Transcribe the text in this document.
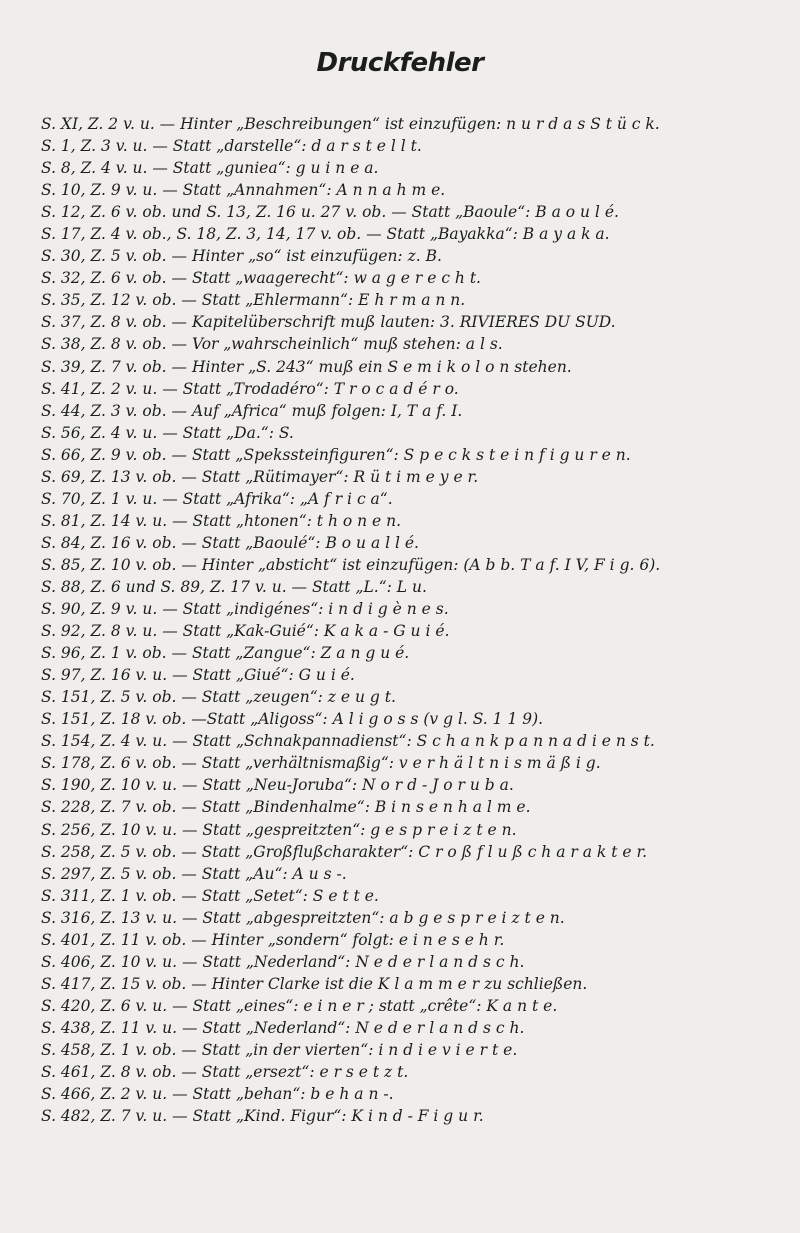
Druckfehler
S. XI, Z. 2 v. u. — Hinter „Beschreibungen“ ist einzufügen: n u r d a s S t ü c k.
S. 1, Z. 3 v. u. — Statt „darstelle“: d a r s t e l l t.
S. 8, Z. 4 v. u. — Statt „gunіеа“: g u i n e a.
S. 10, Z. 9 v. u. — Statt „Annahmen“: A n n a h m e.
S. 12, Z. 6 v. ob. und S. 13, Z. 16 u. 27 v. ob. — Statt „Baoule“: B a o u l é.
S. 17, Z. 4 v. ob., S. 18, Z. 3, 14, 17 v. ob. — Statt „Bayakka“: B a y a k a.
S. 30, Z. 5 v. ob. — Hinter „so“ ist einzufügen: z. B.
S. 32, Z. 6 v. ob. — Statt „waagerecht“: w a g e r e c h t.
S. 35, Z. 12 v. ob. — Statt „Ehlermann“: E h r m a n n.
S. 37, Z. 8 v. ob. — Kapitelüberschrift muß lauten: 3. RIVIERES DU SUD.
S. 38, Z. 8 v. ob. — Vor „wahrscheinlich“ muß stehen: a l s.
S. 39, Z. 7 v. ob. — Hinter „S. 243“ muß ein S e m i k o l o n stehen.
S. 41, Z. 2 v. u. — Statt „Trodadéro“: T r o c a d é r o.
S. 44, Z. 3 v. ob. — Auf „Africa“ muß folgen: I, T a f. I.
S. 56, Z. 4 v. u. — Statt „Da.“: S.
S. 66, Z. 9 v. ob. — Statt „Spekssteinfiguren“: S p e c k s t e i n f i g u r e n.
S. 69, Z. 13 v. ob. — Statt „Rütimayer“: R ü t i m e y e r.
S. 70, Z. 1 v. u. — Statt „Afrika“: „A f r i c a“.
S. 81, Z. 14 v. u. — Statt „htonen“: t h o n e n.
S. 84, Z. 16 v. ob. — Statt „Baoulé“: B o u a l l é.
S. 85, Z. 10 v. ob. — Hinter „absticht“ ist einzufügen: (A b b. T a f. I V, F i g. 6).
S. 88, Z. 6 und S. 89, Z. 17 v. u. — Statt „L.“: L u.
S. 90, Z. 9 v. u. — Statt „indigénes“: i n d i g è n e s.
S. 92, Z. 8 v. u. — Statt „Kak-Guié“: K a k a - G u i é.
S. 96, Z. 1 v. ob. — Statt „Zangue“: Z a n g u é.
S. 97, Z. 16 v. u. — Statt „Giué“: G u i é.
S. 151, Z. 5 v. ob. — Statt „zeugen“: z e u g t.
S. 151, Z. 18 v. ob. —Statt „Aligoss“: A l i g o s s (v g l. S. 1 1 9).
S. 154, Z. 4 v. u. — Statt „Schnakpannadienst“: S c h a n k p a n n a d i e n s t.
S. 178, Z. 6 v. ob. — Statt „verhältnismaßig“: v e r h ä l t n i s m ä ß i g.
S. 190, Z. 10 v. u. — Statt „Neu-Joruba“: N o r d - J o r u b a.
S. 228, Z. 7 v. ob. — Statt „Bindenhalme“: B i n s e n h a l m e.
S. 256, Z. 10 v. u. — Statt „gespreitzten“: g e s p r e i z t e n.
S. 258, Z. 5 v. ob. — Statt „Großflußcharakter“: C r o ß f l u ß c h a r a k t e r.
S. 297, Z. 5 v. ob. — Statt „Au“: A u s -.
S. 311, Z. 1 v. ob. — Statt „Setet“: S e t t e.
S. 316, Z. 13 v. u. — Statt „abgespreitzten“: a b g e s p r e i z t e n.
S. 401, Z. 11 v. ob. — Hinter „sondern“ folgt: e i n e s e h r.
S. 406, Z. 10 v. u. — Statt „Nederland“: N e d e r l a n d s c h.
S. 417, Z. 15 v. ob. — Hinter Clarke ist die K l a m m e r zu schließen.
S. 420, Z. 6 v. u. — Statt „eines“: e i n e r ; statt „crête“: K a n t e.
S. 438, Z. 11 v. u. — Statt „Nederland“: N e d e r l a n d s c h.
S. 458, Z. 1 v. ob. — Statt „in der vierten“: i n d i e v i e r t e.
S. 461, Z. 8 v. ob. — Statt „ersezt“: e r s e t z t.
S. 466, Z. 2 v. u. — Statt „behan“: b e h a n -.
S. 482, Z. 7 v. u. — Statt „Kind. Figur“: K i n d - F i g u r.
